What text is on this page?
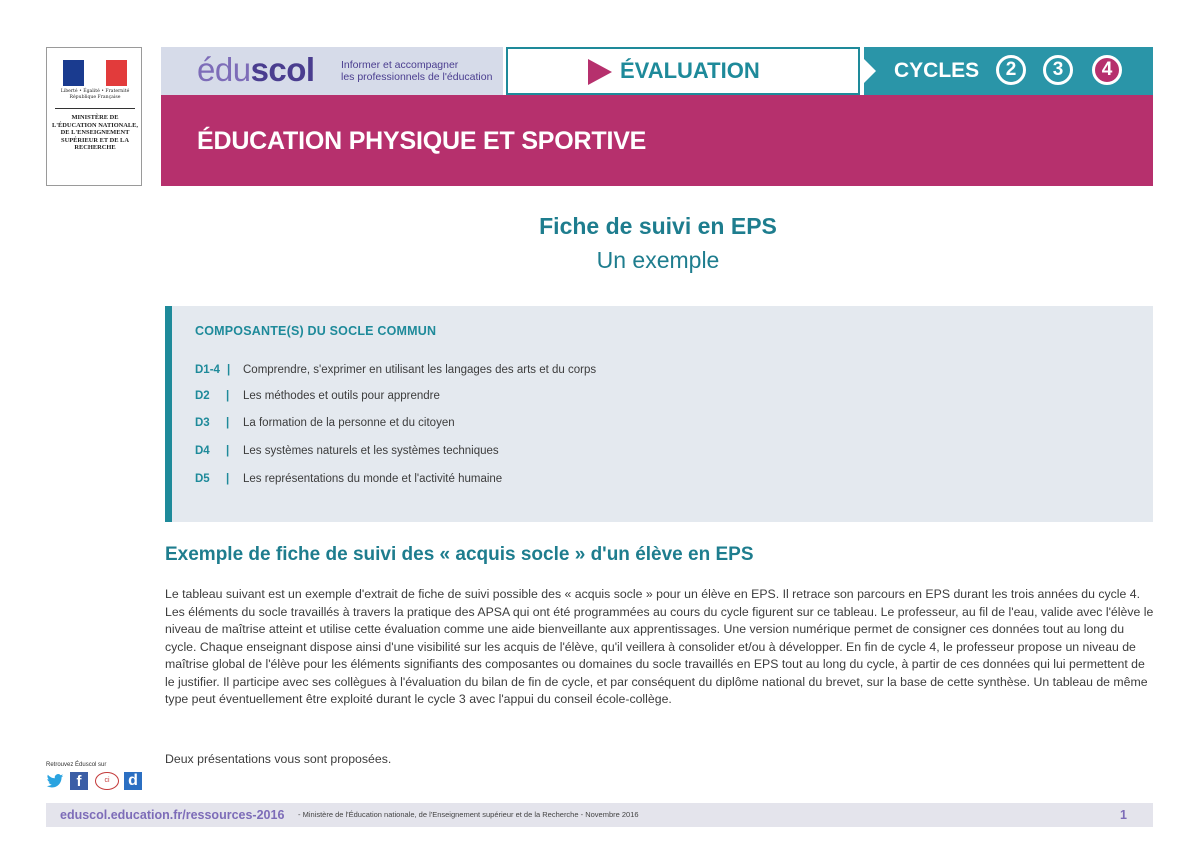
Liberté • Égalité • Fraternité
République Française
MINISTÈRE DE L'ÉDUCATION NATIONALE, DE L'ENSEIGNEMENT SUPÉRIEUR ET DE LA RECHERCHE
éduscol	Informer et accompagner
les professionnels de l'éducation	ÉVALUATION	CYCLES	2	3	4
ÉDUCATION PHYSIQUE ET SPORTIVE
Fiche de suivi en EPS
Un exemple
COMPOSANTE(S) DU SOCLE COMMUN
D1-4 | Comprendre, s'exprimer en utilisant les langages des arts et du corps
D2	| Les méthodes et outils pour apprendre
D3	| La formation de la personne et du citoyen
D4	| Les systèmes naturels et les systèmes techniques
D5	| Les représentations du monde et l'activité humaine
Exemple de fiche de suivi des « acquis socle » d'un élève en EPS
Le tableau suivant est un exemple d'extrait de fiche de suivi possible des « acquis socle » pour un élève en EPS. Il retrace son parcours en EPS durant les trois années du cycle 4. Les éléments du socle travaillés à travers la pratique des APSA qui ont été programmées au cours du cycle figurent sur ce tableau. Le professeur, au fil de l'eau, valide avec l'élève le niveau de maîtrise atteint et utilise cette évaluation comme une aide bienveillante aux apprentissages. Une version numérique permet de consigner ces données tout au long du cycle. Chaque enseignant dispose ainsi d'une visibilité sur les acquis de l'élève, qu'il veillera à consolider et/ou à développer. En fin de cycle 4, le professeur propose un niveau de maîtrise global de l'élève pour les éléments signifiants des composantes ou domaines du socle travaillés en EPS tout au long du cycle, à partir de ces données qui lui permettent de le justifier. Il participe avec ses collègues à l'évaluation du bilan de fin de cycle, et par conséquent du diplôme national du brevet, sur la base de cette synthèse. Un tableau de même type peut éventuellement être exploité durant le cycle 3 avec l'appui du conseil école-collège.
Deux présentations vous sont proposées.
Retrouvez Éduscol sur
f	ci	d
eduscol.education.fr/ressources-2016 - Ministère de l'Éducation nationale, de l'Enseignement supérieur et de la Recherche - Novembre 2016	1
